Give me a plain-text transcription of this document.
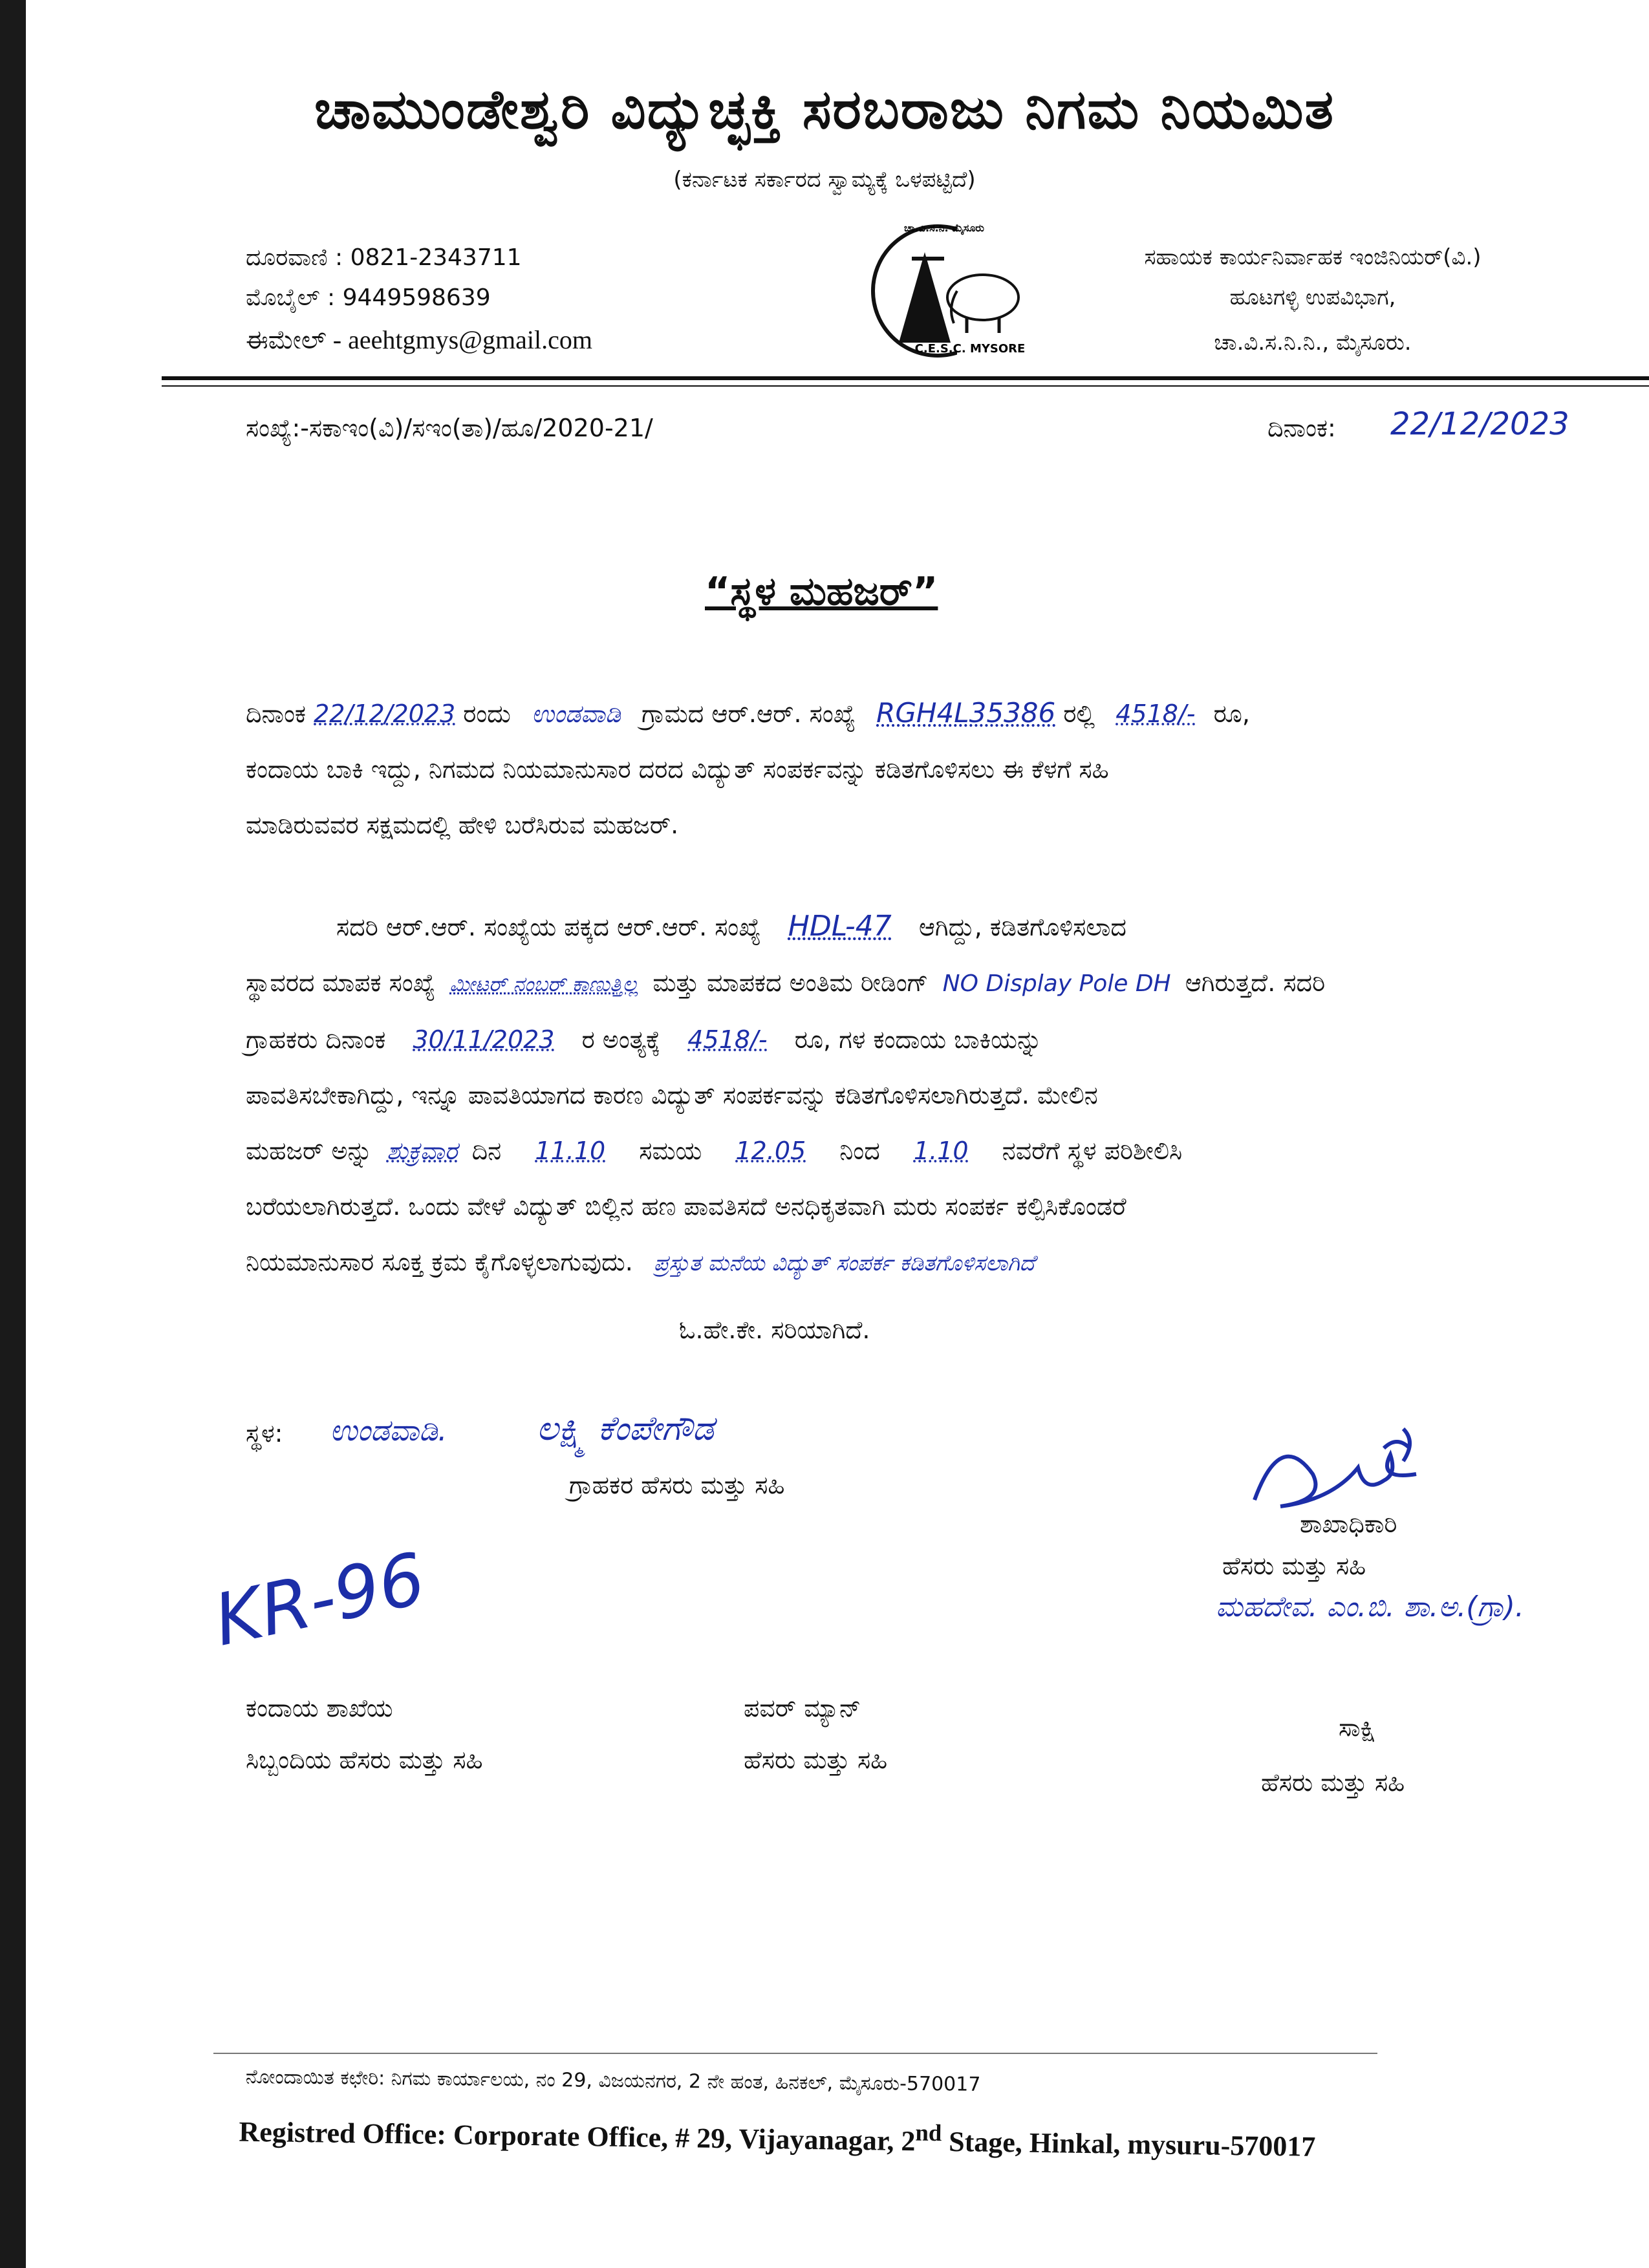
ಚಾಮುಂಡೇಶ್ವರಿ ವಿದ್ಯುಚ್ಛಕ್ತಿ ಸರಬರಾಜು ನಿಗಮ ನಿಯಮಿತ
(ಕರ್ನಾಟಕ ಸರ್ಕಾರದ ಸ್ವಾಮ್ಯಕ್ಕೆ ಒಳಪಟ್ಟಿದೆ)
ದೂರವಾಣಿ : 0821-2343711
ಮೊಬೈಲ್ : 9449598639
ಈಮೇಲ್ - aeehtgmys@gmail.com
ಚಾ.ವಿ.ಸ.ನಿ. ಮೈಸೂರು
C.E.S.C. MYSORE
ಸಹಾಯಕ ಕಾರ್ಯನಿರ್ವಾಹಕ ಇಂಜಿನಿಯರ್(ವಿ.)
ಹೂಟಗಳ್ಳಿ ಉಪವಿಭಾಗ,
ಚಾ.ವಿ.ಸ.ನಿ.ನಿ., ಮೈಸೂರು.
ಸಂಖ್ಯೆ:-ಸಕಾಇಂ(ವಿ)/ಸಇಂ(ತಾ)/ಹೂ/2020-21/	ದಿನಾಂಕ: 22/12/2023
“ಸ್ಥಳ ಮಹಜರ್”
ದಿನಾಂಕ 22/12/2023 ರಂದು ಉಂಡವಾಡಿ ಗ್ರಾಮದ ಆರ್.ಆರ್. ಸಂಖ್ಯೆ RGH4L35386 ರಲ್ಲಿ 4518/- ರೂ,
ಕಂದಾಯ ಬಾಕಿ ಇದ್ದು, ನಿಗಮದ ನಿಯಮಾನುಸಾರ ದರದ ವಿದ್ಯುತ್ ಸಂಪರ್ಕವನ್ನು ಕಡಿತಗೊಳಿಸಲು ಈ ಕೆಳಗೆ ಸಹಿ
ಮಾಡಿರುವವರ ಸಕ್ಷಮದಲ್ಲಿ ಹೇಳಿ ಬರೆಸಿರುವ ಮಹಜರ್.
ಸದರಿ ಆರ್.ಆರ್. ಸಂಖ್ಯೆಯ ಪಕ್ಕದ ಆರ್.ಆರ್. ಸಂಖ್ಯೆ HDL-47 ಆಗಿದ್ದು, ಕಡಿತಗೊಳಿಸಲಾದ
ಸ್ಥಾವರದ ಮಾಪಕ ಸಂಖ್ಯೆ ಮೀಟರ್ ನಂಬರ್ ಕಾಣುತ್ತಿಲ್ಲ ಮತ್ತು ಮಾಪಕದ ಅಂತಿಮ ರೀಡಿಂಗ್ NO Display Pole DH ಆಗಿರುತ್ತದೆ. ಸದರಿ
ಗ್ರಾಹಕರು ದಿನಾಂಕ 30/11/2023 ರ ಅಂತ್ಯಕ್ಕೆ 4518/- ರೂ, ಗಳ ಕಂದಾಯ ಬಾಕಿಯನ್ನು
ಪಾವತಿಸಬೇಕಾಗಿದ್ದು, ಇನ್ನೂ ಪಾವತಿಯಾಗದ ಕಾರಣ ವಿದ್ಯುತ್ ಸಂಪರ್ಕವನ್ನು ಕಡಿತಗೊಳಿಸಲಾಗಿರುತ್ತದೆ. ಮೇಲಿನ
ಮಹಜರ್ ಅನ್ನು ಶುಕ್ರವಾರ ದಿನ 11.10 ಸಮಯ 12.05 ನಿಂದ 1.10 ನವರೆಗೆ ಸ್ಥಳ ಪರಿಶೀಲಿಸಿ
ಬರೆಯಲಾಗಿರುತ್ತದೆ. ಒಂದು ವೇಳೆ ವಿದ್ಯುತ್ ಬಿಲ್ಲಿನ ಹಣ ಪಾವತಿಸದೆ ಅನಧಿಕೃತವಾಗಿ ಮರು ಸಂಪರ್ಕ ಕಲ್ಪಿಸಿಕೊಂಡರೆ
ನಿಯಮಾನುಸಾರ ಸೂಕ್ತ ಕ್ರಮ ಕೈಗೊಳ್ಳಲಾಗುವುದು. ಪ್ರಸ್ತುತ ಮನೆಯ ವಿದ್ಯುತ್ ಸಂಪರ್ಕ ಕಡಿತಗೊಳಿಸಲಾಗಿದೆ
ಓ.ಹೇ.ಕೇ. ಸರಿಯಾಗಿದೆ.
ಸ್ಥಳ: ಉಂಡವಾಡಿ.	ಲಕ್ಷ್ಮಿ ಕೆಂಪೇಗೌಡ
ಗ್ರಾಹಕರ ಹೆಸರು ಮತ್ತು ಸಹಿ
ಶಾಖಾಧಿಕಾರಿ
ಹೆಸರು ಮತ್ತು ಸಹಿ
ಮಹದೇವ. ಎಂ.ಬಿ. ಶಾ.ಅ.(ಗ್ರಾ).
KR-96
ಕಂದಾಯ ಶಾಖೆಯ
ಸಿಬ್ಬಂದಿಯ ಹೆಸರು ಮತ್ತು ಸಹಿ
ಪವರ್ ಮ್ಯಾನ್
ಹೆಸರು ಮತ್ತು ಸಹಿ
ಸಾಕ್ಷಿ
ಹೆಸರು ಮತ್ತು ಸಹಿ
ನೋಂದಾಯಿತ ಕಛೇರಿ: ನಿಗಮ ಕಾರ್ಯಾಲಯ, ನಂ 29, ವಿಜಯನಗರ, 2 ನೇ ಹಂತ, ಹಿನಕಲ್, ಮೈಸೂರು-570017
Registred Office: Corporate Office, # 29, Vijayanagar, 2nd Stage, Hinkal, mysuru-570017
